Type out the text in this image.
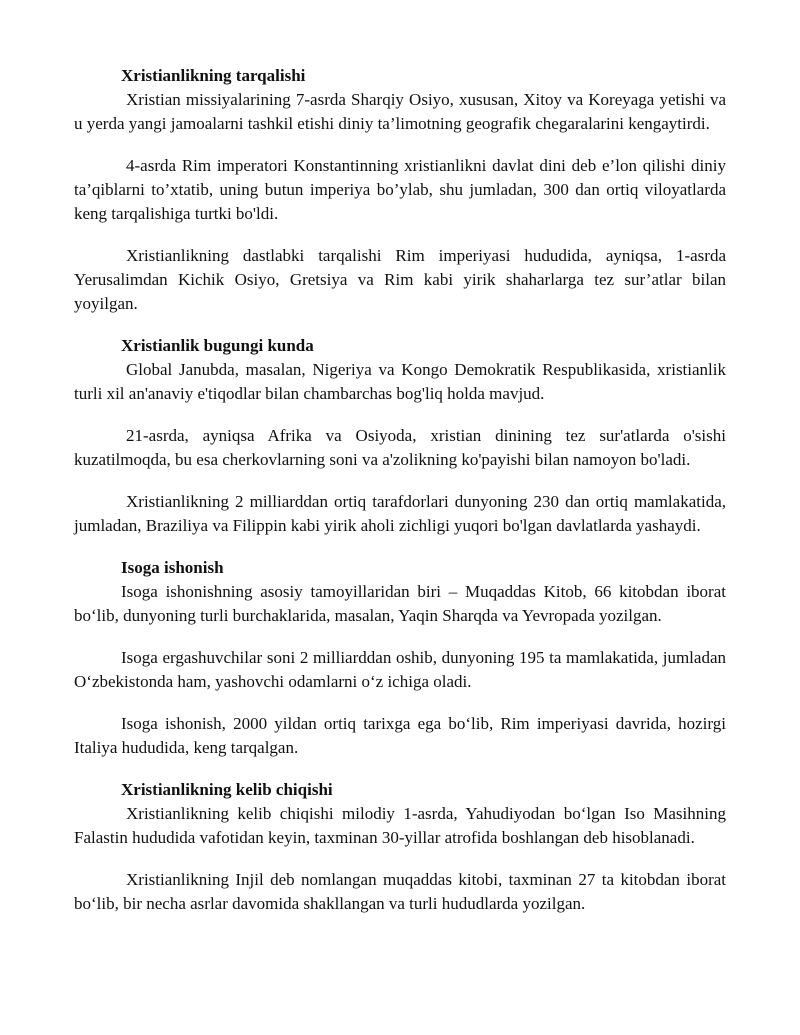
Xristianlikning tarqalishi

Xristian missiyalarining 7-asrda Sharqiy Osiyo, xususan, Xitoy va Koreyaga yetishi va u yerda yangi jamoalarni tashkil etishi diniy ta’limotning geografik chegaralarini kengaytirdi.

4-asrda Rim imperatori Konstantinning xristianlikni davlat dini deb e’lon qilishi diniy ta’qiblarni to’xtatib, uning butun imperiya bo’ylab, shu jumladan, 300 dan ortiq viloyatlarda keng tarqalishiga turtki bo'ldi.

Xristianlikning dastlabki tarqalishi Rim imperiyasi hududida, ayniqsa, 1-asrda Yerusalimdan Kichik Osiyo, Gretsiya va Rim kabi yirik shaharlarga tez sur’atlar bilan yoyilgan.

Xristianlik bugungi kunda

Global Janubda, masalan, Nigeriya va Kongo Demokratik Respublikasida, xristianlik turli xil an'anaviy e'tiqodlar bilan chambarchas bog'liq holda mavjud.

21-asrda, ayniqsa Afrika va Osiyoda, xristian dinining tez sur'atlarda o'sishi kuzatilmoqda, bu esa cherkovlarning soni va a'zolikning ko'payishi bilan namoyon bo'ladi.

Xristianlikning 2 milliarddan ortiq tarafdorlari dunyoning 230 dan ortiq mamlakatida, jumladan, Braziliya va Filippin kabi yirik aholi zichligi yuqori bo'lgan davlatlarda yashaydi.

Isoga ishonish

Isoga ishonishning asosiy tamoyillaridan biri – Muqaddas Kitob, 66 kitobdan iborat bo‘lib, dunyoning turli burchaklarida, masalan, Yaqin Sharqda va Yevropada yozilgan.

Isoga ergashuvchilar soni 2 milliarddan oshib, dunyoning 195 ta mamlakatida, jumladan O‘zbekistonda ham, yashovchi odamlarni o‘z ichiga oladi.

Isoga ishonish, 2000 yildan ortiq tarixga ega bo‘lib, Rim imperiyasi davrida, hozirgi Italiya hududida, keng tarqalgan.

Xristianlikning kelib chiqishi

Xristianlikning kelib chiqishi milodiy 1-asrda, Yahudiyodan bo‘lgan Iso Masihning Falastin hududida vafotidan keyin, taxminan 30-yillar atrofida boshlangan deb hisoblanadi.

Xristianlikning Injil deb nomlangan muqaddas kitobi, taxminan 27 ta kitobdan iborat bo‘lib, bir necha asrlar davomida shakllangan va turli hududlarda yozilgan.
